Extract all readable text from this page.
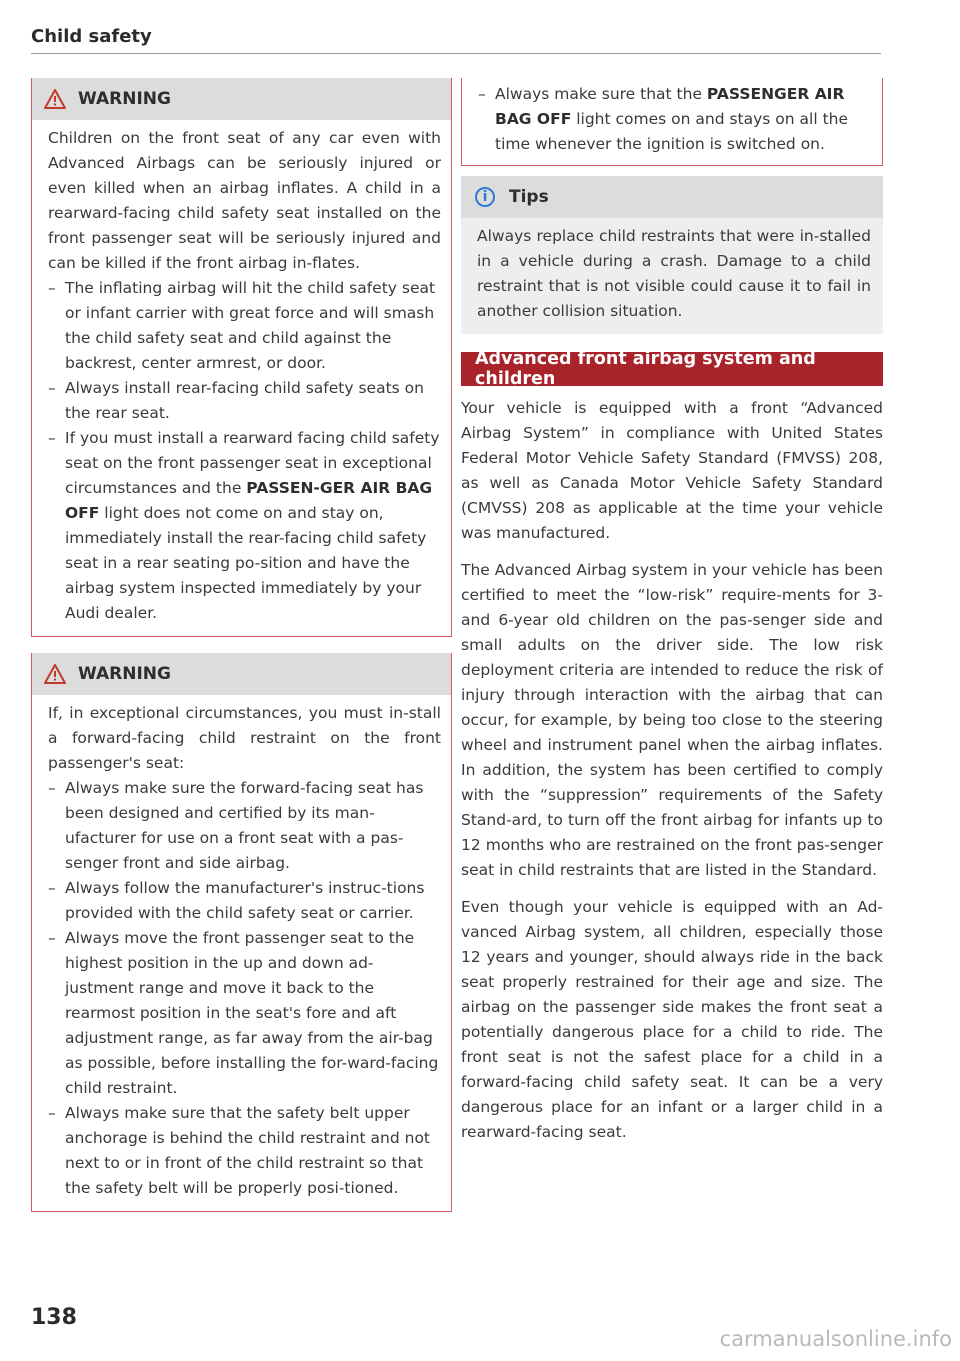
Child safety
WARNING

Children on the front seat of any car even with Advanced Airbags can be seriously injured or even killed when an airbag inflates. A child in a rearward-facing child safety seat installed on the front passenger seat will be seriously injured and can be killed if the front airbag in-flates.

– The inflating airbag will hit the child safety seat or infant carrier with great force and will smash the child safety seat and child against the backrest, center armrest, or door.
– Always install rear-facing child safety seats on the rear seat.
– If you must install a rearward facing child safety seat on the front passenger seat in exceptional circumstances and the PASSEN-GER AIR BAG OFF light does not come on and stay on, immediately install the rear-facing child safety seat in a rear seating po-sition and have the airbag system inspected immediately by your Audi dealer.
WARNING

If, in exceptional circumstances, you must in-stall a forward-facing child restraint on the front passenger's seat:

– Always make sure the forward-facing seat has been designed and certified by its man-ufacturer for use on a front seat with a pas-senger front and side airbag.
– Always follow the manufacturer's instruc-tions provided with the child safety seat or carrier.
– Always move the front passenger seat to the highest position in the up and down ad-justment range and move it back to the rearmost position in the seat's fore and aft adjustment range, as far away from the air-bag as possible, before installing the for-ward-facing child restraint.
– Always make sure that the safety belt upper anchorage is behind the child restraint and not next to or in front of the child restraint so that the safety belt will be properly posi-tioned.
– Always make sure that the PASSENGER AIR BAG OFF light comes on and stays on all the time whenever the ignition is switched on.
i	Tips

Always replace child restraints that were in-stalled in a vehicle during a crash. Damage to a child restraint that is not visible could cause it to fail in another collision situation.

Advanced front airbag system and children

Your vehicle is equipped with a front “Advanced Airbag System” in compliance with United States Federal Motor Vehicle Safety Standard (FMVSS) 208, as well as Canada Motor Vehicle Safety Standard (CMVSS) 208 as applicable at the time your vehicle was manufactured.

The Advanced Airbag system in your vehicle has been certified to meet the “low-risk” require-ments for 3- and 6-year old children on the pas-senger side and small adults on the driver side. The low risk deployment criteria are intended to reduce the risk of injury through interaction with the airbag that can occur, for example, by being too close to the steering wheel and instrument panel when the airbag inflates. In addition, the system has been certified to comply with the “suppression” requirements of the Safety Stand-ard, to turn off the front airbag for infants up to 12 months who are restrained on the front pas-senger seat in child restraints that are listed in the Standard.

Even though your vehicle is equipped with an Ad-vanced Airbag system, all children, especially those 12 years and younger, should always ride in the back seat properly restrained for their age and size. The airbag on the passenger side makes the front seat a potentially dangerous place for a child to ride. The front seat is not the safest place for a child in a forward-facing child safety seat. It can be a very dangerous place for an infant or a larger child in a rearward-facing seat.

138
carmanualsonline.info
